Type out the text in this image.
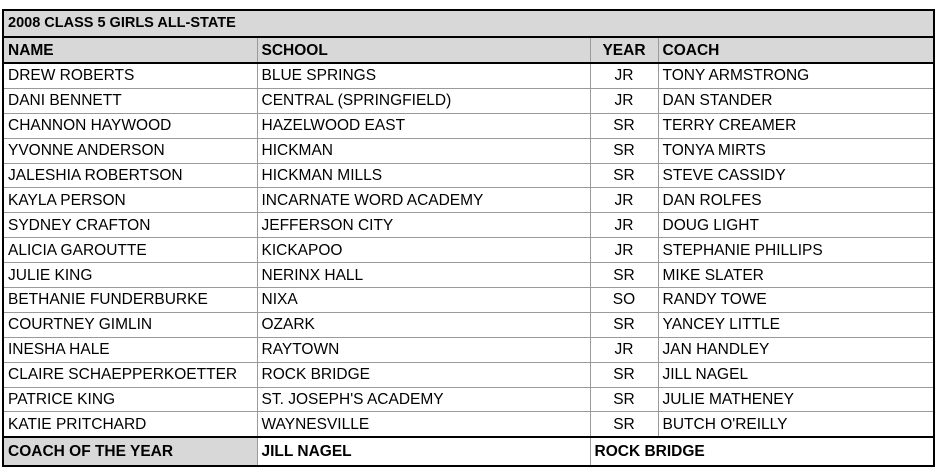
2008 CLASS 5 GIRLS ALL-STATE			
NAME	SCHOOL	YEAR	COACH
DREW ROBERTS	BLUE SPRINGS	JR	TONY ARMSTRONG
DANI BENNETT	CENTRAL (SPRINGFIELD)	JR	DAN STANDER
CHANNON HAYWOOD	HAZELWOOD EAST	SR	TERRY CREAMER
YVONNE ANDERSON	HICKMAN	SR	TONYA MIRTS
JALESHIA ROBERTSON	HICKMAN MILLS	SR	STEVE CASSIDY
KAYLA PERSON	INCARNATE WORD ACADEMY	JR	DAN ROLFES
SYDNEY CRAFTON	JEFFERSON CITY	JR	DOUG LIGHT
ALICIA GAROUTTE	KICKAPOO	JR	STEPHANIE PHILLIPS
JULIE KING	NERINX HALL	SR	MIKE SLATER
BETHANIE FUNDERBURKE	NIXA	SO	RANDY TOWE
COURTNEY GIMLIN	OZARK	SR	YANCEY LITTLE
INESHA HALE	RAYTOWN	JR	JAN HANDLEY
CLAIRE SCHAEPPERKOETTER	ROCK BRIDGE	SR	JILL NAGEL
PATRICE KING	ST. JOSEPH'S ACADEMY	SR	JULIE MATHENEY
KATIE PRITCHARD	WAYNESVILLE	SR	BUTCH O'REILLY
COACH OF THE YEAR	JILL NAGEL	ROCK BRIDGE	
